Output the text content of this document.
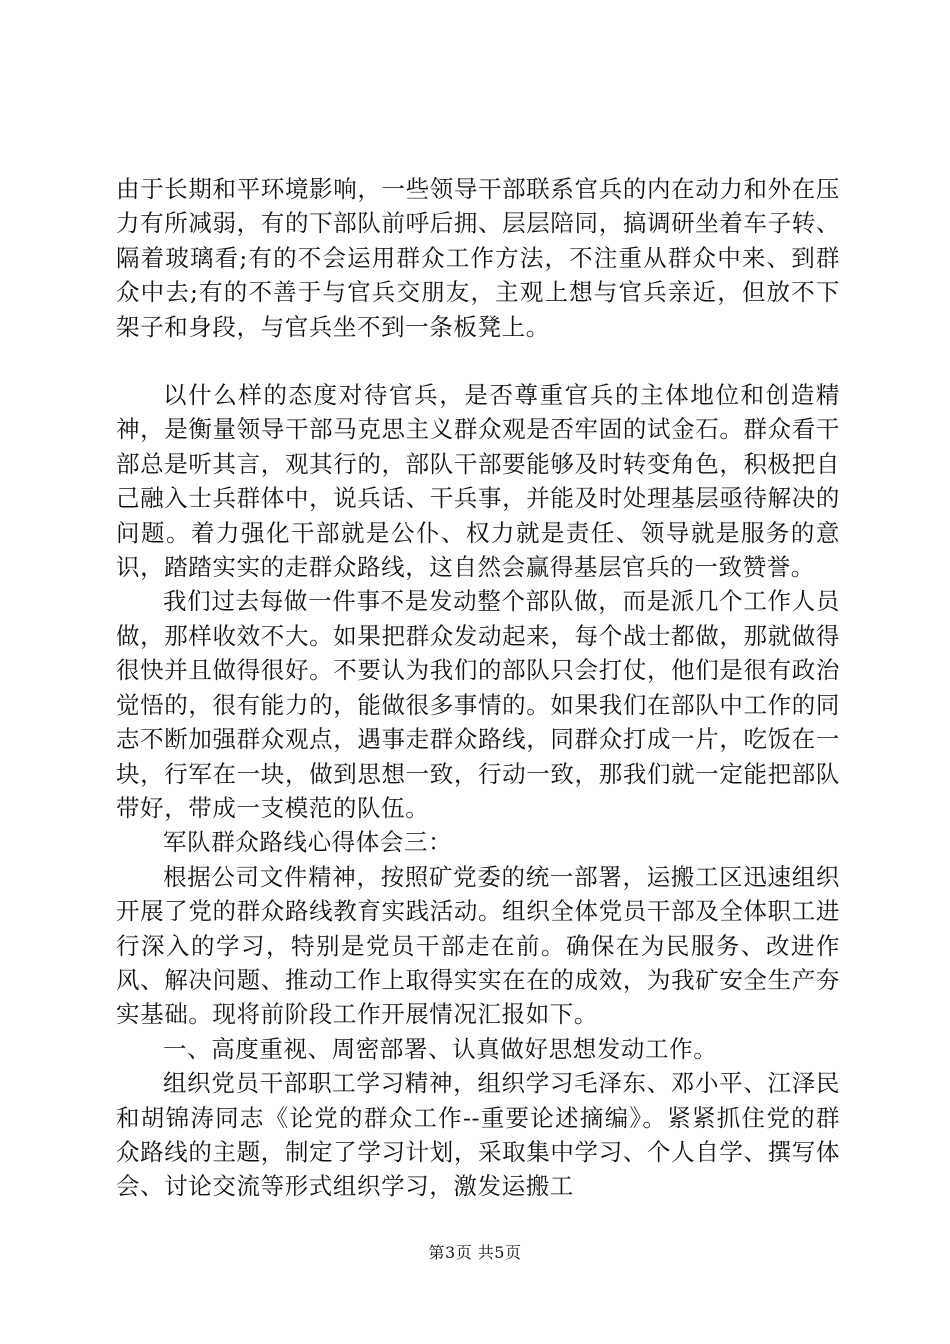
由于长期和平环境影响，一些领导干部联系官兵的内在动力和外在压力有所减弱，有的下部队前呼后拥、层层陪同，搞调研坐着车子转、隔着玻璃看;有的不会运用群众工作方法，不注重从群众中来、到群众中去;有的不善于与官兵交朋友，主观上想与官兵亲近，但放不下架子和身段，与官兵坐不到一条板凳上。

以什么样的态度对待官兵，是否尊重官兵的主体地位和创造精神，是衡量领导干部马克思主义群众观是否牢固的试金石。群众看干部总是听其言，观其行的，部队干部要能够及时转变角色，积极把自己融入士兵群体中，说兵话、干兵事，并能及时处理基层亟待解决的问题。着力强化干部就是公仆、权力就是责任、领导就是服务的意识，踏踏实实的走群众路线，这自然会赢得基层官兵的一致赞誉。

我们过去每做一件事不是发动整个部队做，而是派几个工作人员做，那样收效不大。如果把群众发动起来，每个战士都做，那就做得很快并且做得很好。不要认为我们的部队只会打仗，他们是很有政治觉悟的，很有能力的，能做很多事情的。如果我们在部队中工作的同志不断加强群众观点，遇事走群众路线，同群众打成一片，吃饭在一块，行军在一块，做到思想一致，行动一致，那我们就一定能把部队带好，带成一支模范的队伍。

军队群众路线心得体会三：

根据公司文件精神，按照矿党委的统一部署，运搬工区迅速组织开展了党的群众路线教育实践活动。组织全体党员干部及全体职工进行深入的学习，特别是党员干部走在前。确保在为民服务、改进作风、解决问题、推动工作上取得实实在在的成效，为我矿安全生产夯实基础。现将前阶段工作开展情况汇报如下。

一、高度重视、周密部署、认真做好思想发动工作。

组织党员干部职工学习精神，组织学习毛泽东、邓小平、江泽民和胡锦涛同志《论党的群众工作--重要论述摘编》。紧紧抓住党的群众路线的主题，制定了学习计划，采取集中学习、个人自学、撰写体会、讨论交流等形式组织学习，激发运搬工

第3页 共5页
